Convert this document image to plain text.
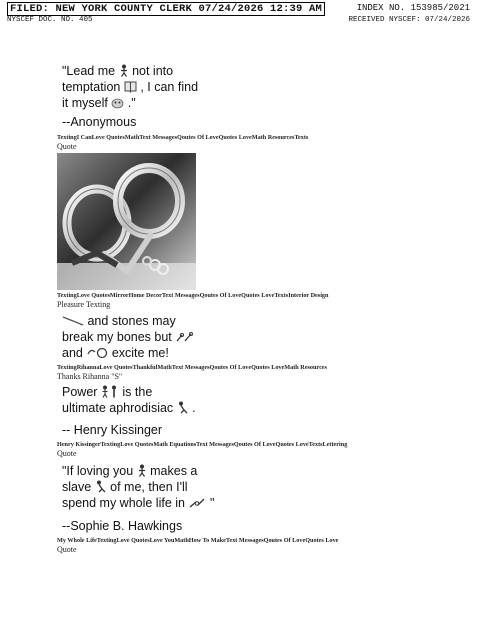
FILED: NEW YORK COUNTY CLERK 07/24/2026 12:39 AM	INDEX NO. 153985/2021
NYSCEF DOC. NO. 405	RECEIVED NYSCEF: 07/24/2026
"Lead me not into
temptation , I can find
it myself ."
--Anonymous
TextingI CanLove QuotesMathText MessagesQoutes Of LoveQuotes LoveMath ResourcesTexts
Quote
TextingLove QuotesMirrorHome DecorText MessagesQoutes Of LoveQuotes LoveTextsInterior Design
Pleasure Texting
and stones may
break my bones but
and excite me!
TextingRihannaLove QuotesThankfulMathText MessagesQoutes Of LoveQuotes LoveMath Resources
Thanks Rihanna "S"
Power is the
ultimate aphrodisiac .
-- Henry Kissinger
Henry KissingerTextingLove QuotesMath EquationsText MessagesQoutes Of LoveQuotes LoveTextsLettering
Quote
"If loving you makes a
slave of me, then I'll
spend my whole life in "
--Sophie B. Hawkings
My Whole LifeTextingLove QuotesLove YouMathHow To MakeText MessagesQoutes Of LoveQuotes Love
Quote
